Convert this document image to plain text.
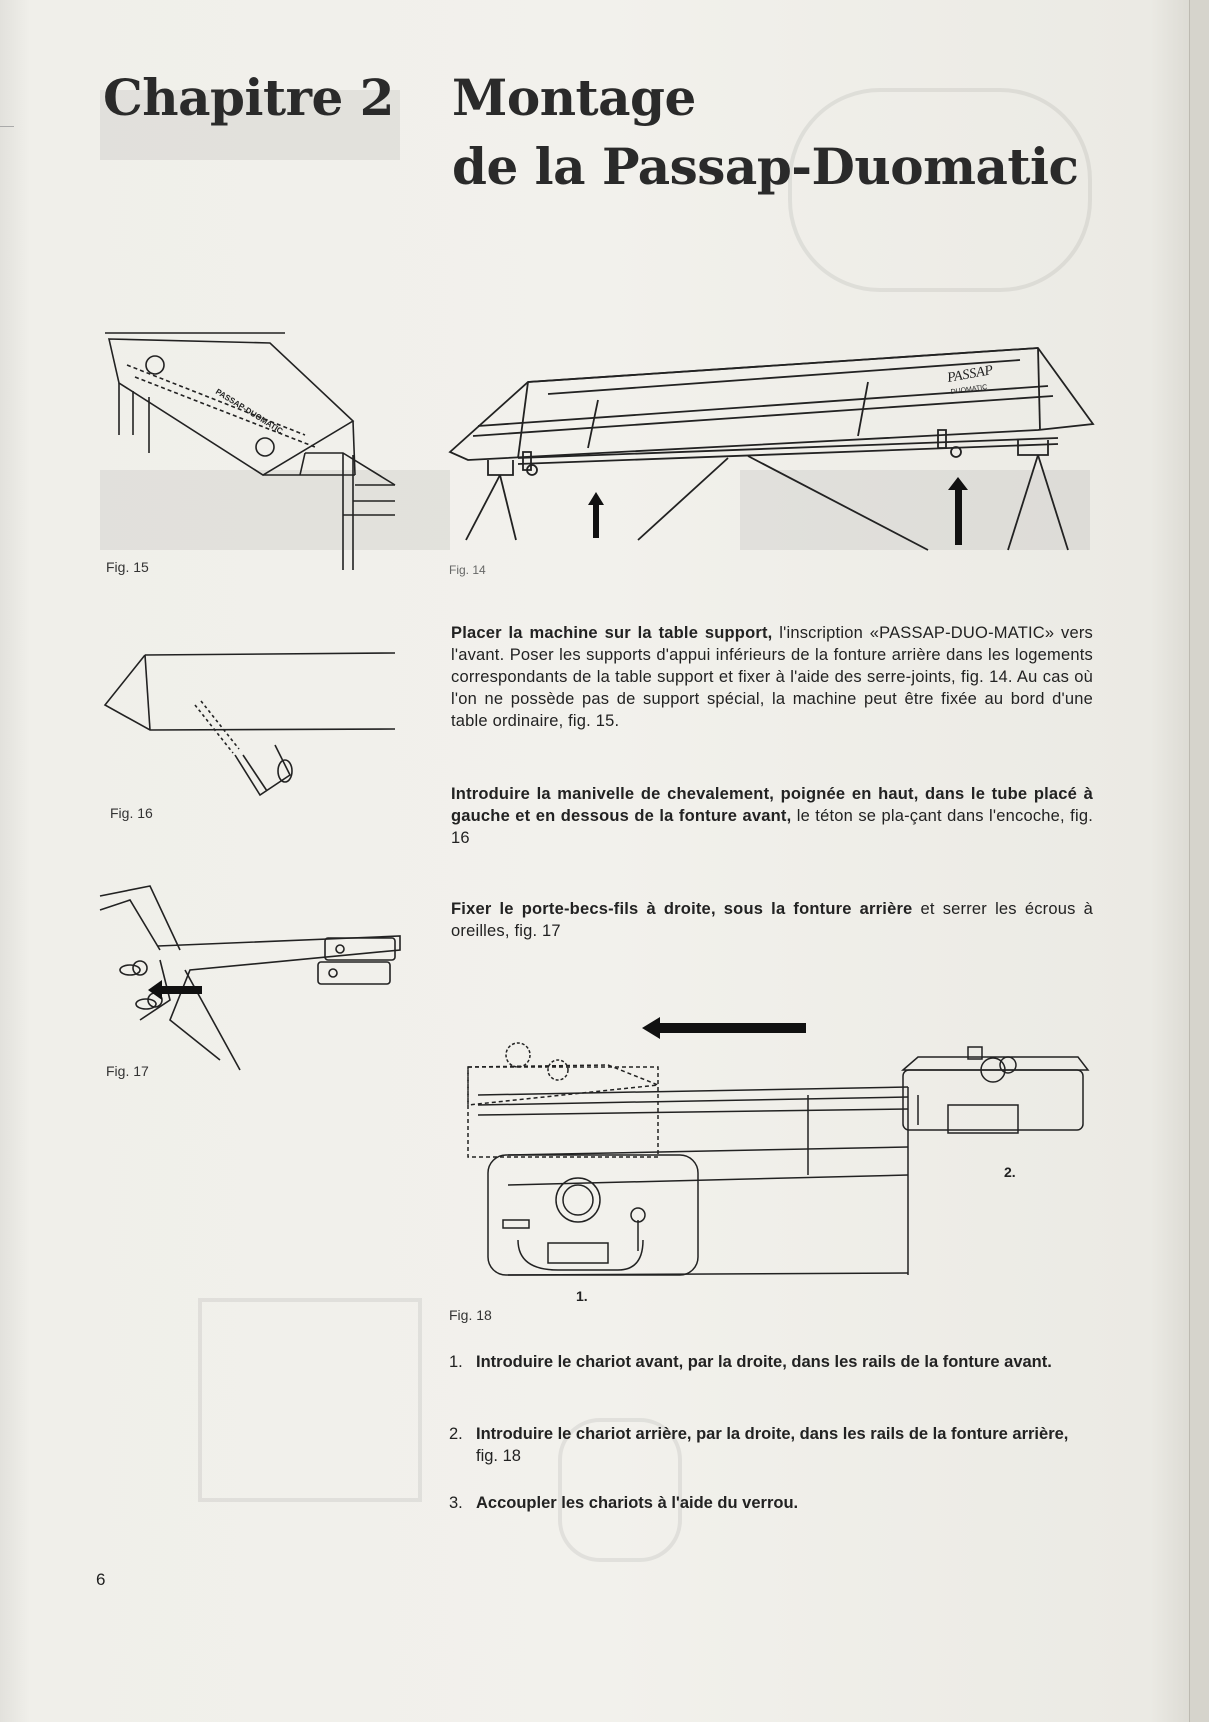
Chapitre 2 Montage
de la Passap-Duomatic
PASSAP-DUOMATIC
Fig. 15
PASSAP
DUOMATIC
Fig. 14
Placer la machine sur la table support, l'inscription «PASSAP-DUO-MATIC» vers l'avant. Poser les supports d'appui inférieurs de la fonture arrière dans les logements correspondants de la table support et fixer à l'aide des serre-joints, fig. 14. Au cas où l'on ne possède pas de support spécial, la machine peut être fixée au bord d'une table ordinaire, fig. 15.
Fig. 16
Introduire la manivelle de chevalement, poignée en haut, dans le tube placé à gauche et en dessous de la fonture avant, le téton se pla-çant dans l'encoche, fig. 16
Fig. 17
Fixer le porte-becs-fils à droite, sous la fonture arrière et serrer les écrous à oreilles, fig. 17
1.
2.
Fig. 18
1. Introduire le chariot avant, par la droite, dans les rails de la fonture avant.
2. Introduire le chariot arrière, par la droite, dans les rails de la fonture arrière, fig. 18
3. Accoupler les chariots à l'aide du verrou.
6
